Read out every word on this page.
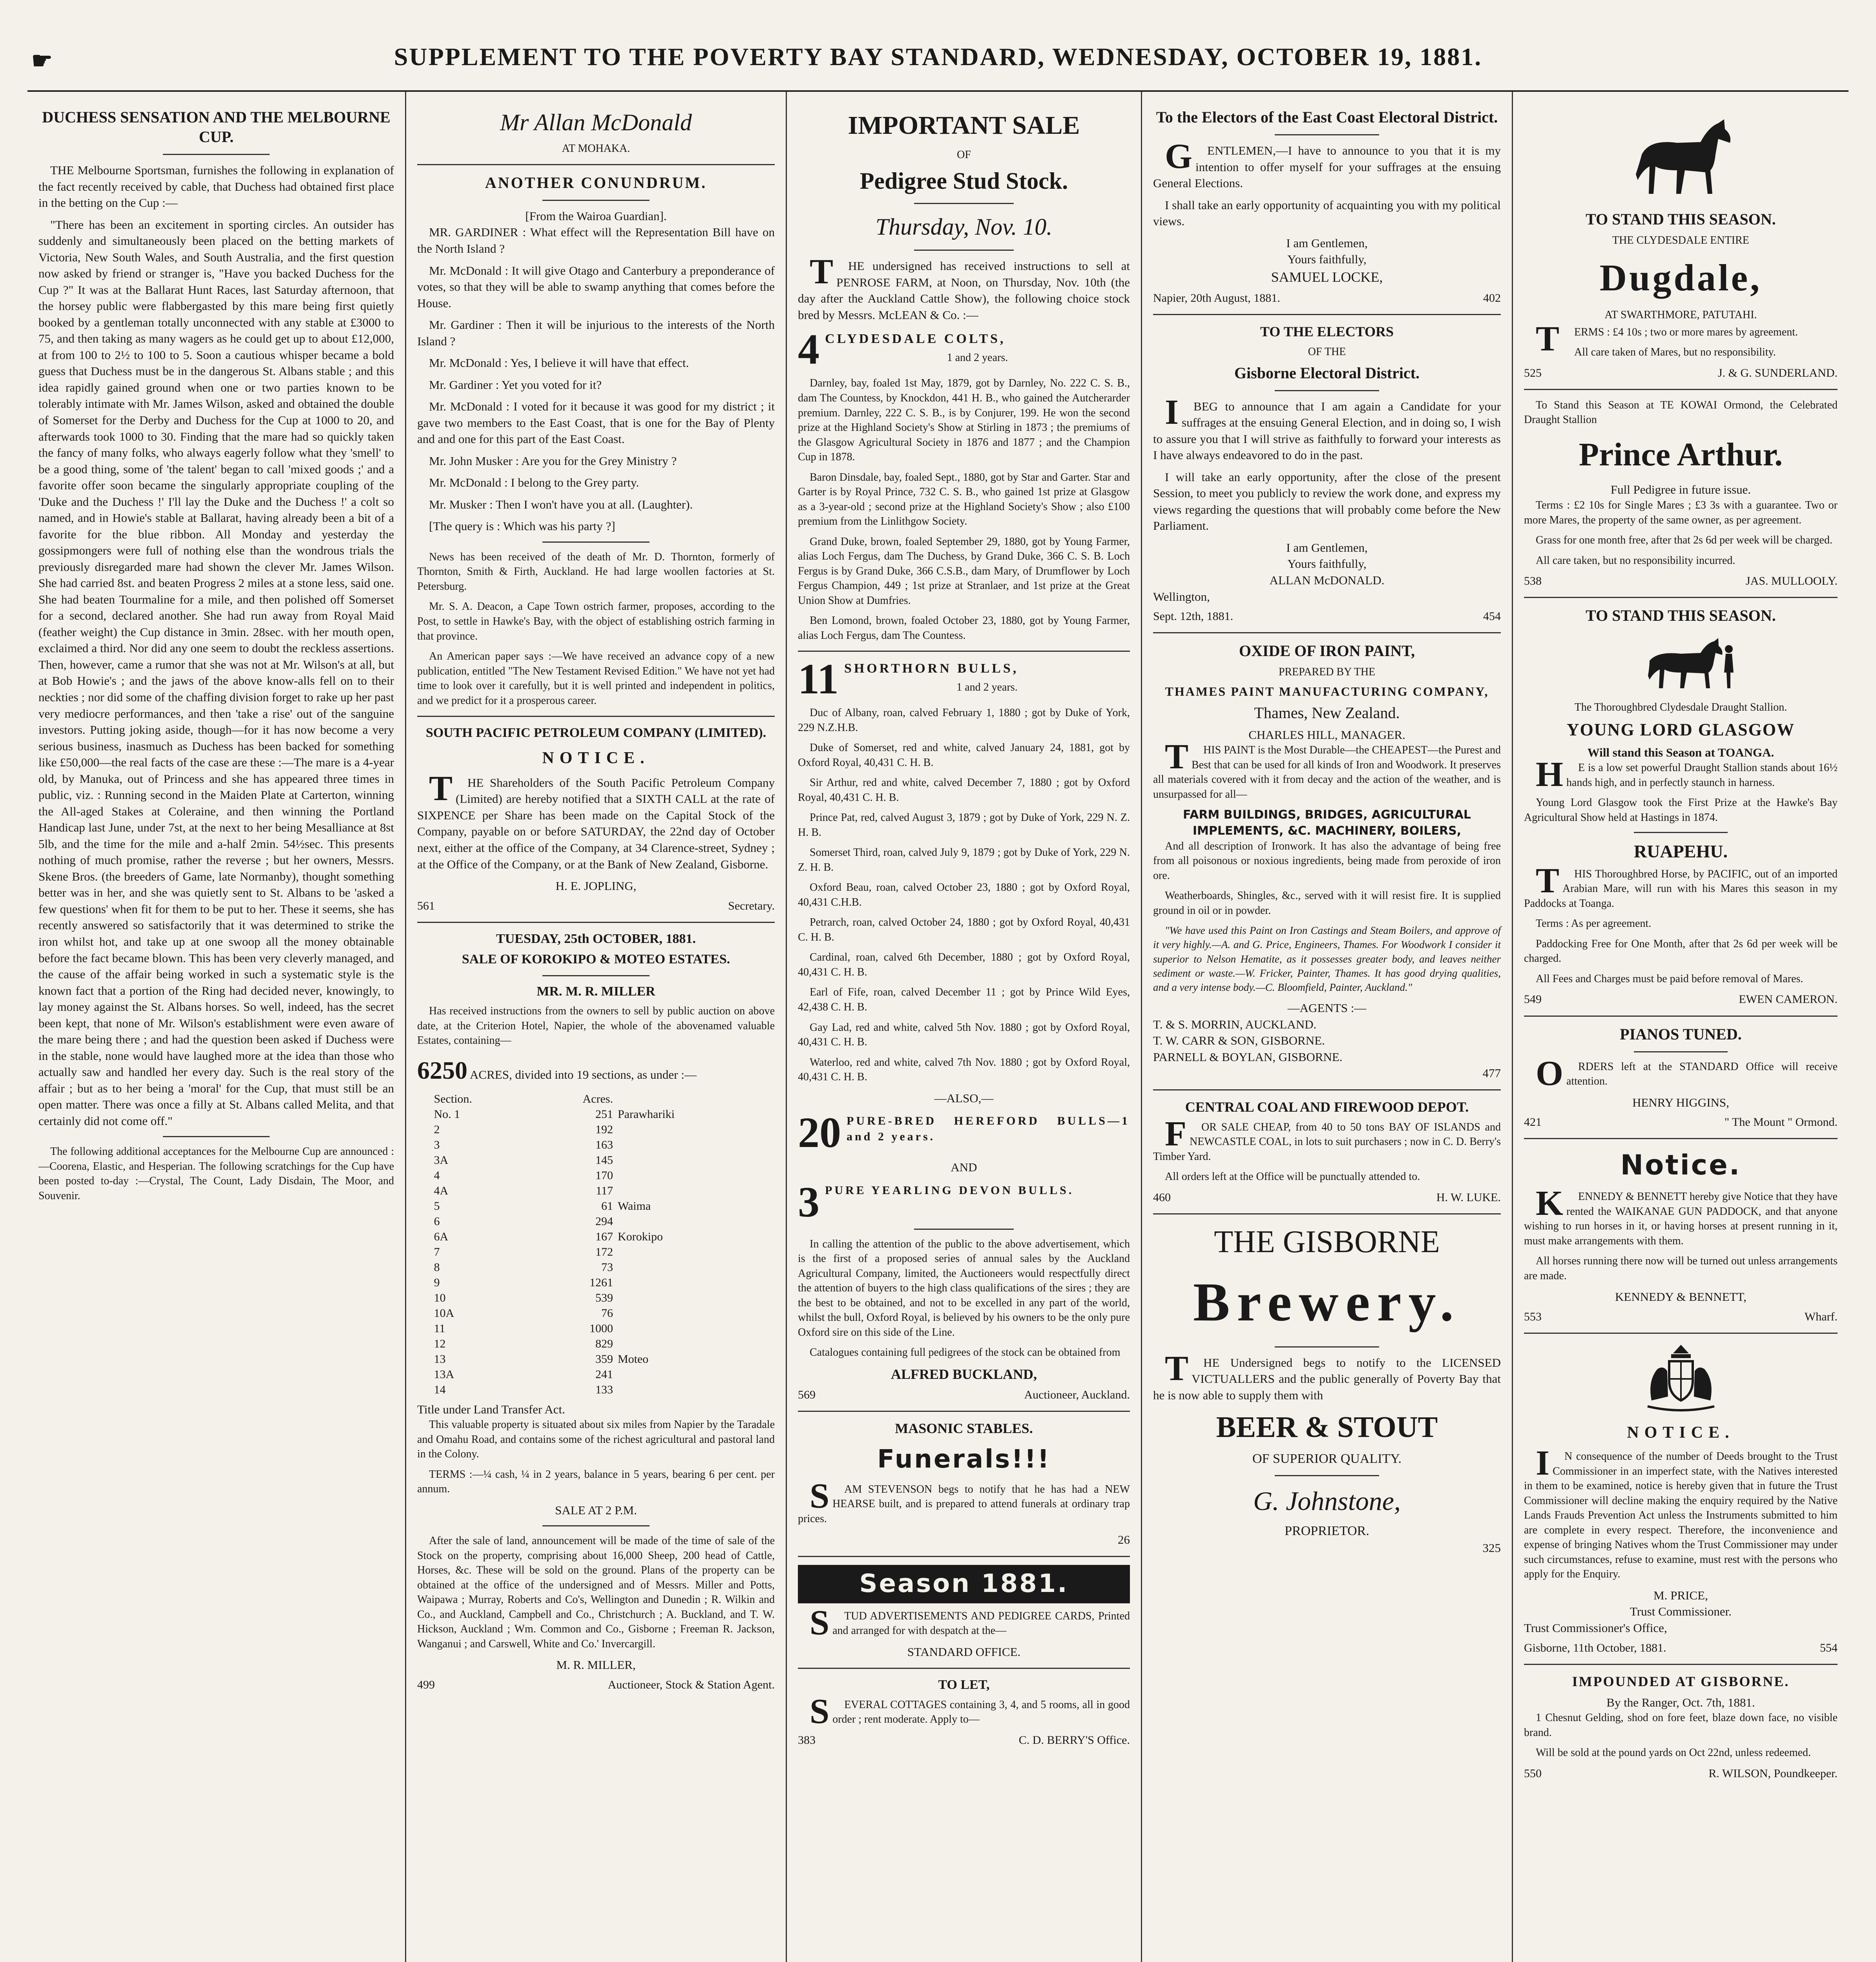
☛	SUPPLEMENT TO THE POVERTY BAY STANDARD, WEDNESDAY, OCTOBER 19, 1881.
DUCHESS SENSATION AND THE MELBOURNE CUP.

THE Melbourne Sportsman, furnishes the following in explanation of the fact recently received by cable, that Duchess had obtained first place in the betting on the Cup :—

"There has been an excitement in sporting circles. An outsider has suddenly and simultaneously been placed on the betting markets of Victoria, New South Wales, and South Australia, and the first question now asked by friend or stranger is, "Have you backed Duchess for the Cup ?" It was at the Ballarat Hunt Races, last Saturday afternoon, that the horsey public were flabbergasted by this mare being first quietly booked by a gentleman totally unconnected with any stable at £3000 to 75, and then taking as many wagers as he could get up to about £12,000, at from 100 to 2½ to 100 to 5. Soon a cautious whisper became a bold guess that Duchess must be in the dangerous St. Albans stable ; and this idea rapidly gained ground when one or two parties known to be tolerably intimate with Mr. James Wilson, asked and obtained the double of Somerset for the Derby and Duchess for the Cup at 1000 to 20, and afterwards took 1000 to 30. Finding that the mare had so quickly taken the fancy of many folks, who always eagerly follow what they 'smell' to be a good thing, some of 'the talent' began to call 'mixed goods ;' and a favorite offer soon became the singularly appropriate coupling of the 'Duke and the Duchess !' I'll lay the Duke and the Duchess !' a colt so named, and in Howie's stable at Ballarat, having already been a bit of a favorite for the blue ribbon. All Monday and yesterday the gossipmongers were full of nothing else than the wondrous trials the previously disregarded mare had shown the clever Mr. James Wilson. She had carried 8st. and beaten Progress 2 miles at a stone less, said one. She had beaten Tourmaline for a mile, and then polished off Somerset for a second, declared another. She had run away from Royal Maid (feather weight) the Cup distance in 3min. 28sec. with her mouth open, exclaimed a third. Nor did any one seem to doubt the reckless assertions. Then, however, came a rumor that she was not at Mr. Wilson's at all, but at Bob Howie's ; and the jaws of the above know-alls fell on to their neckties ; nor did some of the chaffing division forget to rake up her past very mediocre performances, and then 'take a rise' out of the sanguine investors. Putting joking aside, though—for it has now become a very serious business, inasmuch as Duchess has been backed for something like £50,000—the real facts of the case are these :—The mare is a 4-year old, by Manuka, out of Princess and she has appeared three times in public, viz. : Running second in the Maiden Plate at Carterton, winning the All-aged Stakes at Coleraine, and then winning the Portland Handicap last June, under 7st, at the next to her being Mesalliance at 8st 5lb, and the time for the mile and a-half 2min. 54½sec. This presents nothing of much promise, rather the reverse ; but her owners, Messrs. Skene Bros. (the breeders of Game, late Normanby), thought something better was in her, and she was quietly sent to St. Albans to be 'asked a few questions' when fit for them to be put to her. These it seems, she has recently answered so satisfactorily that it was determined to strike the iron whilst hot, and take up at one swoop all the money obtainable before the fact became blown. This has been very cleverly managed, and the cause of the affair being worked in such a systematic style is the known fact that a portion of the Ring had decided never, knowingly, to lay money against the St. Albans horses. So well, indeed, has the secret been kept, that none of Mr. Wilson's establishment were even aware of the mare being there ; and had the question been asked if Duchess were in the stable, none would have laughed more at the idea than those who actually saw and handled her every day. Such is the real story of the affair ; but as to her being a 'moral' for the Cup, that must still be an open matter. There was once a filly at St. Albans called Melita, and that certainly did not come off."

The following additional acceptances for the Melbourne Cup are announced :—Coorena, Elastic, and Hesperian. The following scratchings for the Cup have been posted to-day :—Crystal, The Count, Lady Disdain, The Moor, and Souvenir.

Mr Allan McDonald
AT MOHAKA.
ANOTHER CONUNDRUM.
[From the Wairoa Guardian].

MR. GARDINER : What effect will the Representation Bill have on the North Island ?

Mr. McDonald : It will give Otago and Canterbury a preponderance of votes, so that they will be able to swamp anything that comes before the House.

Mr. Gardiner : Then it will be injurious to the interests of the North Island ?

Mr. McDonald : Yes, I believe it will have that effect.

Mr. Gardiner : Yet you voted for it?

Mr. McDonald : I voted for it because it was good for my district ; it gave two members to the East Coast, that is one for the Bay of Plenty and and one for this part of the East Coast.

Mr. John Musker : Are you for the Grey Ministry ?

Mr. McDonald : I belong to the Grey party.

Mr. Musker : Then I won't have you at all. (Laughter).

[The query is : Which was his party ?]

News has been received of the death of Mr. D. Thornton, formerly of Thornton, Smith & Firth, Auckland. He had large woollen factories at St. Petersburg.

Mr. S. A. Deacon, a Cape Town ostrich farmer, proposes, according to the Post, to settle in Hawke's Bay, with the object of establishing ostrich farming in that province.

An American paper says :—We have received an advance copy of a new publication, entitled "The New Testament Revised Edition." We have not yet had time to look over it carefully, but it is well printed and independent in politics, and we predict for it a prosperous career.

SOUTH PACIFIC PETROLEUM COMPANY (LIMITED).
NOTICE.

THE Shareholders of the South Pacific Petroleum Company (Limited) are hereby notified that a SIXTH CALL at the rate of SIXPENCE per Share has been made on the Capital Stock of the Company, payable on or before SATURDAY, the 22nd day of October next, either at the office of the Company, at 34 Clarence-street, Sydney ; at the Office of the Company, or at the Bank of New Zealand, Gisborne.

H. E. JOPLING,
561	Secretary.
TUESDAY, 25th OCTOBER, 1881.
SALE OF KOROKIPO & MOTEO ESTATES.
MR. M. R. MILLER

Has received instructions from the owners to sell by public auction on above date, at the Criterion Hotel, Napier, the whole of the abovenamed valuable Estates, containing—

6250 ACRES, divided into 19 sections, as under :—
Section.	Acres.	
No. 1	251	Parawhariki
2	192	
3	163	
3A	145	
4	170	
4A	117	
5	61	Waima
6	294	
6A	167	Korokipo
7	172	
8	73	
9	1261	
10	539	
10A	76	
11	1000	
12	829	
13	359	Moteo
13A	241	
14	133	
Title under Land Transfer Act.

This valuable property is situated about six miles from Napier by the Taradale and Omahu Road, and contains some of the richest agricultural and pastoral land in the Colony.

TERMS :—¼ cash, ¼ in 2 years, balance in 5 years, bearing 6 per cent. per annum.

SALE AT 2 P.M.

After the sale of land, announcement will be made of the time of sale of the Stock on the property, comprising about 16,000 Sheep, 200 head of Cattle, Horses, &c. These will be sold on the ground. Plans of the property can be obtained at the office of the undersigned and of Messrs. Miller and Potts, Waipawa ; Murray, Roberts and Co's, Wellington and Dunedin ; R. Wilkin and Co., and Auckland, Campbell and Co., Christchurch ; A. Buckland, and T. W. Hickson, Auckland ; Wm. Common and Co., Gisborne ; Freeman R. Jackson, Wanganui ; and Carswell, White and Co.' Invercargill.

M. R. MILLER,
499	Auctioneer, Stock & Station Agent.
IMPORTANT SALE
OF
Pedigree Stud Stock.
Thursday, Nov. 10.

THE undersigned has received instructions to sell at PENROSE FARM, at Noon, on Thursday, Nov. 10th (the day after the Auckland Cattle Show), the following choice stock bred by Messrs. McLEAN & Co. :—

4 CLYDESDALE COLTS,
1 and 2 years.

Darnley, bay, foaled 1st May, 1879, got by Darnley, No. 222 C. S. B., dam The Countess, by Knockdon, 441 H. B., who gained the Autcherarder premium. Darnley, 222 C. S. B., is by Conjurer, 199. He won the second prize at the Highland Society's Show at Stirling in 1873 ; the premiums of the Glasgow Agricultural Society in 1876 and 1877 ; and the Champion Cup in 1878.

Baron Dinsdale, bay, foaled Sept., 1880, got by Star and Garter. Star and Garter is by Royal Prince, 732 C. S. B., who gained 1st prize at Glasgow as a 3-year-old ; second prize at the Highland Society's Show ; also £100 premium from the Linlithgow Society.

Grand Duke, brown, foaled September 29, 1880, got by Young Farmer, alias Loch Fergus, dam The Duchess, by Grand Duke, 366 C. S. B. Loch Fergus is by Grand Duke, 366 C.S.B., dam Mary, of Drumflower by Loch Fergus Champion, 449 ; 1st prize at Stranlaer, and 1st prize at the Great Union Show at Dumfries.

Ben Lomond, brown, foaled October 23, 1880, got by Young Farmer, alias Loch Fergus, dam The Countess.

11 SHORTHORN BULLS,
1 and 2 years.

Duc of Albany, roan, calved February 1, 1880 ; got by Duke of York, 229 N.Z.H.B.

Duke of Somerset, red and white, calved January 24, 1881, got by Oxford Royal, 40,431 C. H. B.

Sir Arthur, red and white, calved December 7, 1880 ; got by Oxford Royal, 40,431 C. H. B.

Prince Pat, red, calved August 3, 1879 ; got by Duke of York, 229 N. Z. H. B.

Somerset Third, roan, calved July 9, 1879 ; got by Duke of York, 229 N. Z. H. B.

Oxford Beau, roan, calved October 23, 1880 ; got by Oxford Royal, 40,431 C.H.B.

Petrarch, roan, calved October 24, 1880 ; got by Oxford Royal, 40,431 C. H. B.

Cardinal, roan, calved 6th December, 1880 ; got by Oxford Royal, 40,431 C. H. B.

Earl of Fife, roan, calved December 11 ; got by Prince Wild Eyes, 42,438 C. H. B.

Gay Lad, red and white, calved 5th Nov. 1880 ; got by Oxford Royal, 40,431 C. H. B.

Waterloo, red and white, calved 7th Nov. 1880 ; got by Oxford Royal, 40,431 C. H. B.

—ALSO,—
20 PURE-BRED HEREFORD BULLS—1 and 2 years.
AND
3 PURE YEARLING DEVON BULLS.

In calling the attention of the public to the above advertisement, which is the first of a proposed series of annual sales by the Auckland Agricultural Company, limited, the Auctioneers would respectfully direct the attention of buyers to the high class qualifications of the sires ; they are the best to be obtained, and not to be excelled in any part of the world, whilst the bull, Oxford Royal, is believed by his owners to be the only pure Oxford sire on this side of the Line.

Catalogues containing full pedigrees of the stock can be obtained from

ALFRED BUCKLAND,
569	Auctioneer, Auckland.
MASONIC STABLES.
Funerals!!!

SAM STEVENSON begs to notify that he has had a NEW HEARSE built, and is prepared to attend funerals at ordinary trap prices.

26
Season 1881.

STUD ADVERTISEMENTS AND PEDIGREE CARDS, Printed and arranged for with despatch at the—

STANDARD OFFICE.
TO LET,

SEVERAL COTTAGES containing 3, 4, and 5 rooms, all in good order ; rent moderate. Apply to—

383	C. D. BERRY'S Office.
To the Electors of the East Coast Electoral District.

GENTLEMEN,—I have to announce to you that it is my intention to offer myself for your suffrages at the ensuing General Elections.

I shall take an early opportunity of acquainting you with my political views.

I am Gentlemen,
Yours faithfully,
SAMUEL LOCKE,
Napier, 20th August, 1881.	402
TO THE ELECTORS
OF THE
Gisborne Electoral District.

IBEG to announce that I am again a Candidate for your suffrages at the ensuing General Election, and in doing so, I wish to assure you that I will strive as faithfully to forward your interests as I have always endeavored to do in the past.

I will take an early opportunity, after the close of the present Session, to meet you publicly to review the work done, and express my views regarding the questions that will probably come before the New Parliament.

I am Gentlemen,
Yours faithfully,
ALLAN McDONALD.
Wellington,
Sept. 12th, 1881.	454
OXIDE OF IRON PAINT,
PREPARED BY THE
THAMES PAINT MANUFACTURING COMPANY,
Thames, New Zealand.
CHARLES HILL, MANAGER.

THIS PAINT is the Most Durable—the CHEAPEST—the Purest and Best that can be used for all kinds of Iron and Woodwork. It preserves all materials covered with it from decay and the action of the weather, and is unsurpassed for all—

FARM BUILDINGS, BRIDGES, AGRICULTURAL IMPLEMENTS, &C. MACHINERY, BOILERS,

And all description of Ironwork. It has also the advantage of being free from all poisonous or noxious ingredients, being made from peroxide of iron ore.

Weatherboards, Shingles, &c., served with it will resist fire. It is supplied ground in oil or in powder.

"We have used this Paint on Iron Castings and Steam Boilers, and approve of it very highly.—A. and G. Price, Engineers, Thames. For Woodwork I consider it superior to Nelson Hematite, as it possesses greater body, and leaves neither sediment or waste.—W. Fricker, Painter, Thames. It has good drying qualities, and a very intense body.—C. Bloomfield, Painter, Auckland."

—AGENTS :—
T. & S. MORRIN, AUCKLAND.
T. W. CARR & SON, GISBORNE.
PARNELL & BOYLAN, GISBORNE.
477
CENTRAL COAL AND FIREWOOD DEPOT.

FOR SALE CHEAP, from 40 to 50 tons BAY OF ISLANDS and NEWCASTLE COAL, in lots to suit purchasers ; now in C. D. Berry's Timber Yard.

All orders left at the Office will be punctually attended to.

460	H. W. LUKE.
THE GISBORNE
Brewery.

THE Undersigned begs to notify to the LICENSED VICTUALLERS and the public generally of Poverty Bay that he is now able to supply them with

BEER & STOUT
OF SUPERIOR QUALITY.
G. Johnstone,
PROPRIETOR.
325
TO STAND THIS SEASON.
THE CLYDESDALE ENTIRE
Dugdale,
AT SWARTHMORE, PATUTAHI.

TERMS : £4 10s ; two or more mares by agreement.

All care taken of Mares, but no responsibility.

525	J. & G. SUNDERLAND.

To Stand this Season at TE KOWAI Ormond, the Celebrated Draught Stallion

Prince Arthur.
Full Pedigree in future issue.

Terms : £2 10s for Single Mares ; £3 3s with a guarantee. Two or more Mares, the property of the same owner, as per agreement.

Grass for one month free, after that 2s 6d per week will be charged.

All care taken, but no responsibility incurred.

538	JAS. MULLOOLY.
TO STAND THIS SEASON.
The Thoroughbred Clydesdale Draught Stallion.
YOUNG LORD GLASGOW
Will stand this Season at TOANGA.

HE is a low set powerful Draught Stallion stands about 16½ hands high, and in perfectly staunch in harness.

Young Lord Glasgow took the First Prize at the Hawke's Bay Agricultural Show held at Hastings in 1874.

RUAPEHU.

THIS Thoroughbred Horse, by PACIFIC, out of an imported Arabian Mare, will run with his Mares this season in my Paddocks at Toanga.

Terms : As per agreement.

Paddocking Free for One Month, after that 2s 6d per week will be charged.

All Fees and Charges must be paid before removal of Mares.

549	EWEN CAMERON.
PIANOS TUNED.

ORDERS left at the STANDARD Office will receive attention.

HENRY HIGGINS,
421	" The Mount " Ormond.
Notice.

KENNEDY & BENNETT hereby give Notice that they have rented the WAIKANAE GUN PADDOCK, and that anyone wishing to run horses in it, or having horses at present running in it, must make arrangements with them.

All horses running there now will be turned out unless arrangements are made.

KENNEDY & BENNETT,
553	Wharf.
NOTICE.

IN consequence of the number of Deeds brought to the Trust Commissioner in an imperfect state, with the Natives interested in them to be examined, notice is hereby given that in future the Trust Commissioner will decline making the enquiry required by the Native Lands Frauds Prevention Act unless the Instruments submitted to him are complete in every respect. Therefore, the inconvenience and expense of bringing Natives whom the Trust Commissioner may under such circumstances, refuse to examine, must rest with the persons who apply for the Enquiry.

M. PRICE,
Trust Commissioner.
Trust Commissioner's Office,
Gisborne, 11th October, 1881.	554
IMPOUNDED AT GISBORNE.
By the Ranger, Oct. 7th, 1881.

1 Chesnut Gelding, shod on fore feet, blaze down face, no visible brand.

Will be sold at the pound yards on Oct 22nd, unless redeemed.

550	R. WILSON, Poundkeeper.
